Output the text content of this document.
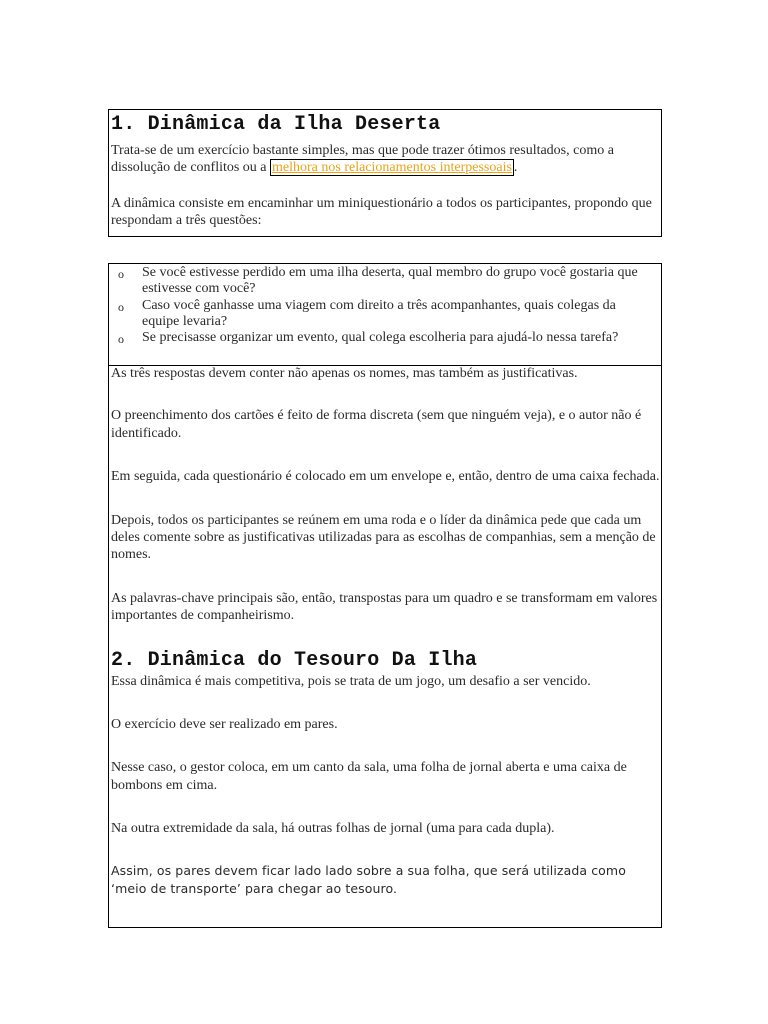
1. Dinâmica da Ilha Deserta

Trata-se de um exercício bastante simples, mas que pode trazer ótimos resultados, como a dissolução de conflitos ou a melhora nos relacionamentos interpessoais .

A dinâmica consiste em encaminhar um miniquestionário a todos os participantes, propondo que respondam a três questões:

o Se você estivesse perdido em uma ilha deserta, qual membro do grupo você gostaria que estivesse com você?
o Caso você ganhasse uma viagem com direito a três acompanhantes, quais colegas da equipe levaria?
o Se precisasse organizar um evento, qual colega escolheria para ajudá-lo nessa tarefa?

As três respostas devem conter não apenas os nomes, mas também as justificativas.

O preenchimento dos cartões é feito de forma discreta (sem que ninguém veja), e o autor não é identificado.

Em seguida, cada questionário é colocado em um envelope e, então, dentro de uma caixa fechada.

Depois, todos os participantes se reúnem em uma roda e o líder da dinâmica pede que cada um deles comente sobre as justificativas utilizadas para as escolhas de companhias, sem a menção de nomes.

As palavras-chave principais são, então, transpostas para um quadro e se transformam em valores importantes de companheirismo.

2. Dinâmica do Tesouro Da Ilha

Essa dinâmica é mais competitiva, pois se trata de um jogo, um desafio a ser vencido.

O exercício deve ser realizado em pares.

Nesse caso, o gestor coloca, em um canto da sala, uma folha de jornal aberta e uma caixa de bombons em cima.

Na outra extremidade da sala, há outras folhas de jornal (uma para cada dupla).

Assim, os pares devem ficar lado lado sobre a sua folha, que será utilizada como ‘meio de transporte’ para chegar ao tesouro.
